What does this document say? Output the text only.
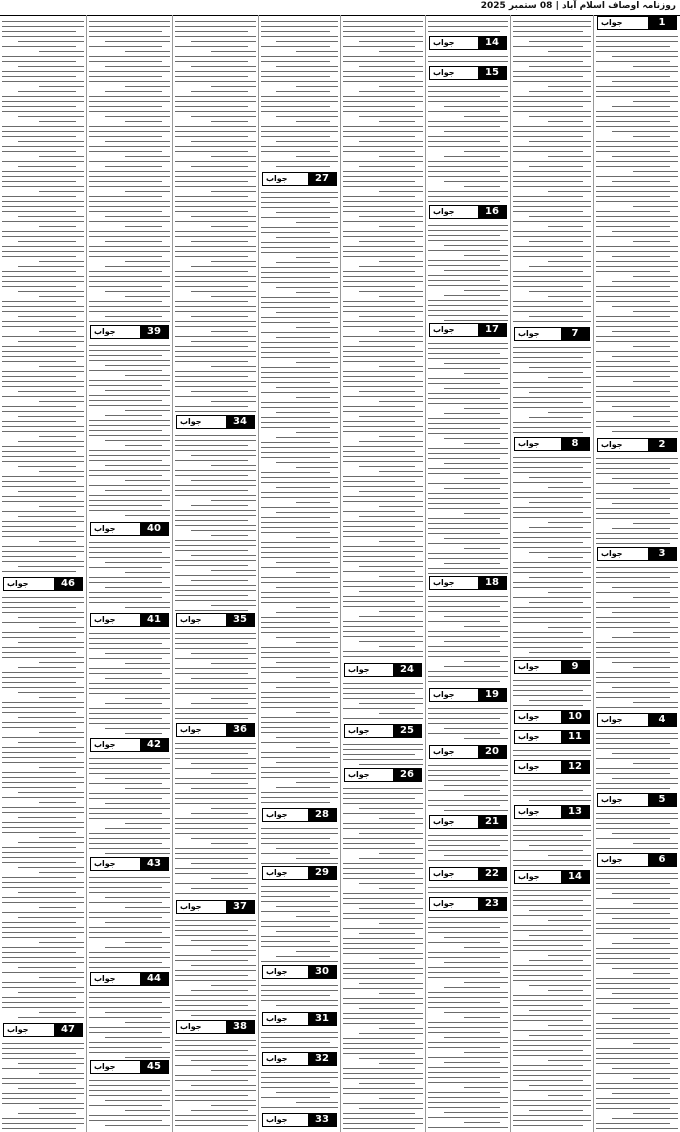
روزنامہ اوصاف اسلام آباد | 08 ستمبر 2025
1
جواب
2
جواب
3
جواب
4
جواب
5
جواب
6
جواب
7
جواب
8
جواب
9
جواب
10
جواب
11
جواب
12
جواب
13
جواب
14
جواب
14
جواب
15
جواب
16
جواب
17
جواب
18
جواب
19
جواب
20
جواب
21
جواب
22
جواب
23
جواب
24
جواب
25
جواب
26
جواب
27
جواب
28
جواب
29
جواب
30
جواب
31
جواب
32
جواب
33
جواب
34
جواب
35
جواب
36
جواب
37
جواب
38
جواب
39
جواب
40
جواب
41
جواب
42
جواب
43
جواب
44
جواب
45
جواب
46
جواب
47
جواب
